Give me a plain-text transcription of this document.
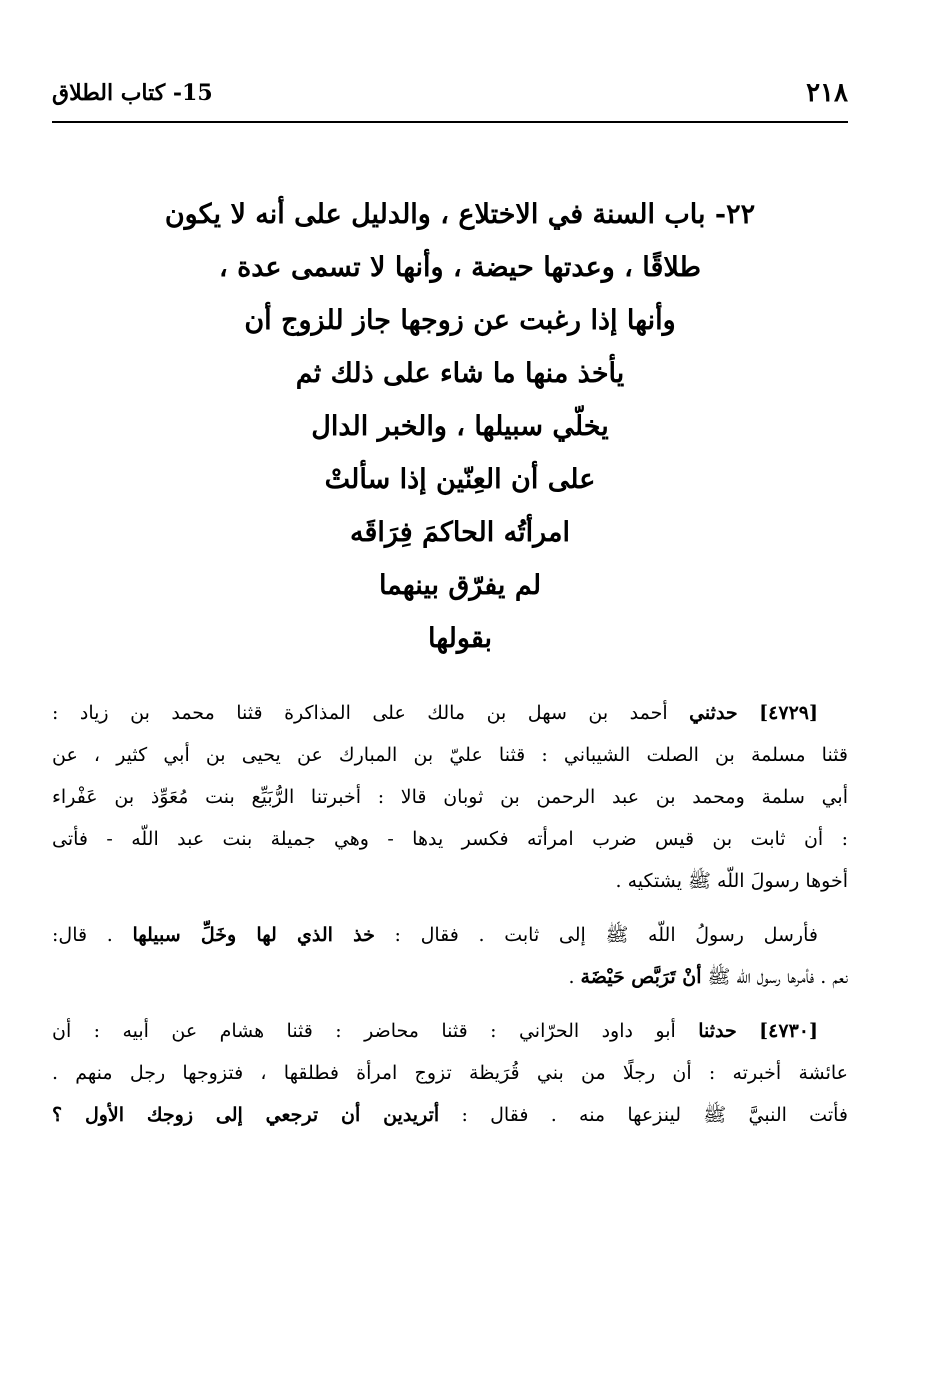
٢١٨
15- كتاب الطلاق
٢٢- باب السنة في الاختلاع ، والدليل على أنه لا يكون
طلاقًا ، وعدتها حيضة ، وأنها لا تسمى عدة ،
وأنها إذا رغبت عن زوجها جاز للزوج أن
يأخذ منها ما شاء على ذلك ثم
يخلّي سبيلها ، والخبر الدال
على أن العِنّين إذا سألتْ
امرأتُه الحاكمَ فِرَاقَه
لم يفرّق بينهما
بقولها
[٤٧٢٩] حدثني أحمد بن سهل بن مالك على المذاكرة قثنا محمد بن زياد :
قثنا مسلمة بن الصلت الشيباني : قثنا عليّ بن المبارك عن يحيى بن أبي كثير ، عن
أبي سلمة ومحمد بن عبد الرحمن بن ثوبان قالا : أخبرتنا الرُّبَيِّع بنت مُعَوِّذ بن عَفْراء
: أن ثابت بن قيس ضرب امرأته فكسر يدها - وهي جميلة بنت عبد اللّه - فأتى
أخوها رسولَ اللّه ﷺ يشتكيه .
فأرسل رسولُ اللّه ﷺ إلى ثابت . فقال : خذ الذي لها وخَلِّ سبيلها . قال:
نعم . فأمرها رسول اللّه ﷺ أنْ تَرَبَّص حَيْضَة .
[٤٧٣٠] حدثنا أبو داود الحرّاني : قثنا محاضر : قثنا هشام عن أبيه : أن
عائشة أخبرته : أن رجلًا من بني قُرَيظة تزوج امرأة فطلقها ، فتزوجها رجل منهم .
فأتت النبيَّ ﷺ لينزعها منه . فقال : أتريدين أن ترجعي إلى زوجك الأول ؟
